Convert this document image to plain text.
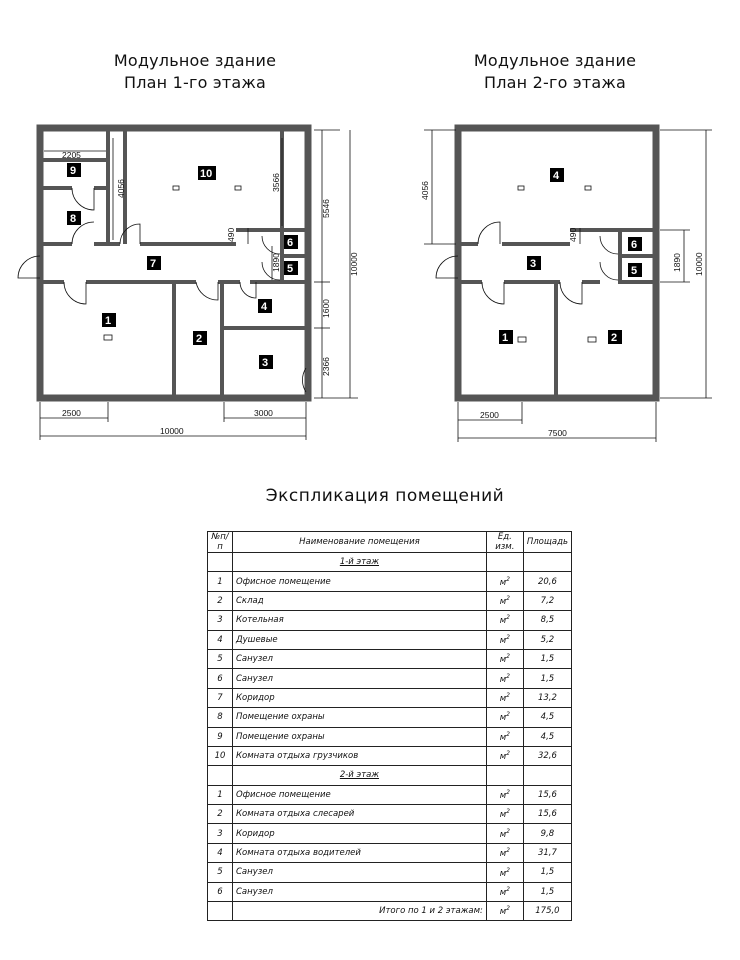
Модульное здание
План 1-го этажа
Модульное здание
План 2-го этажа
2205
4056	3566
490
1890
5546
10000
1600
2366
2500	3000
10000
1
2
3
4
5
6
7
8
9	10
4056
490
1890 10000
2500
7500
1	2
3
4
5
6
Экспликация помещений
№п/п	Наименование помещения	Ед. изм.	Площадь
	1-й этаж		
1	Офисное помещение	$м^2$	20,6
2	Склад	$м^2$	7,2
3	Котельная	$м^2$	8,5
4	Душевые	$м^2$	5,2
5	Санузел	$м^2$	1,5
6	Санузел	$м^2$	1,5
7	Коридор	$м^2$	13,2
8	Помещение охраны	$м^2$	4,5
9	Помещение охраны	$м^2$	4,5
10	Комната отдыха грузчиков	$м^2$	32,6
	2-й этаж		
1	Офисное помещение	$м^2$	15,6
2	Комната отдыха слесарей	$м^2$	15,6
3	Коридор	$м^2$	9,8
4	Комната отдыха водителей	$м^2$	31,7
5	Санузел	$м^2$	1,5
6	Санузел	$м^2$	1,5
	Итого по 1 и 2 этажам:	$м^2$	175,0
